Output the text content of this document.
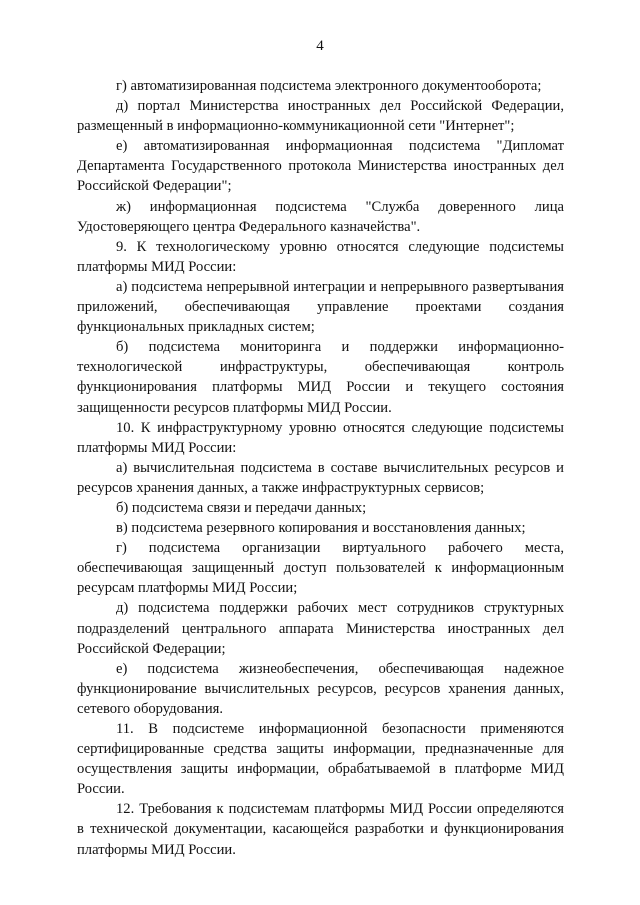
4

г) автоматизированная подсистема электронного документооборота;

д) портал Министерства иностранных дел Российской Федерации, размещенный в информационно-коммуникационной сети "Интернет";

е) автоматизированная информационная подсистема "Дипломат Департамента Государственного протокола Министерства иностранных дел Российской Федерации";

ж) информационная подсистема "Служба доверенного лица Удостоверяющего центра Федерального казначейства".

9. К технологическому уровню относятся следующие подсистемы платформы МИД России:

а) подсистема непрерывной интеграции и непрерывного развертывания приложений, обеспечивающая управление проектами создания функциональных прикладных систем;

б) подсистема мониторинга и поддержки информационно-технологической инфраструктуры, обеспечивающая контроль функционирования платформы МИД России и текущего состояния защищенности ресурсов платформы МИД России.

10. К инфраструктурному уровню относятся следующие подсистемы платформы МИД России:

а) вычислительная подсистема в составе вычислительных ресурсов и ресурсов хранения данных, а также инфраструктурных сервисов;

б) подсистема связи и передачи данных;

в) подсистема резервного копирования и восстановления данных;

г) подсистема организации виртуального рабочего места, обеспечивающая защищенный доступ пользователей к информационным ресурсам платформы МИД России;

д) подсистема поддержки рабочих мест сотрудников структурных подразделений центрального аппарата Министерства иностранных дел Российской Федерации;

е) подсистема жизнеобеспечения, обеспечивающая надежное функционирование вычислительных ресурсов, ресурсов хранения данных, сетевого оборудования.

11. В подсистеме информационной безопасности применяются сертифицированные средства защиты информации, предназначенные для осуществления защиты информации, обрабатываемой в платформе МИД России.

12. Требования к подсистемам платформы МИД России определяются в технической документации, касающейся разработки и функционирования платформы МИД России.
